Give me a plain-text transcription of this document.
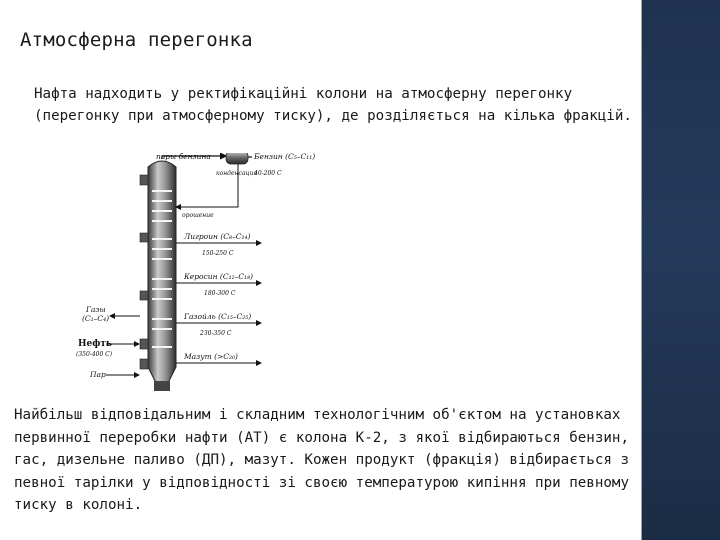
Атмосферна перегонка

Нафта надходить у ректифікаційні колони на атмосферну перегонку (перегонку при атмосферному тиску), де розділяється на кілька фракцій.

пары бензина
конденсация
орошение
Бензин (C₅–C₁₁)
40-200 С
Лигроин (C₈–C₁₄)
150-250 С
Керосин (C₁₂–C₁₈)
180-300 С
Газойль (C₁₅–C₂₅)
230-350 С
Мазут (>C₂₀)
Газы
(C₁–C₄)
Нефть
(350-400 C)
Пар

Найбільш відповідальним і складним технологічним об'єктом на установках первинної переробки нафти (АТ) є колона К-2, з якої відбираються бензин, гас, дизельне паливо (ДП), мазут. Кожен продукт (фракція) відбирається з певної тарілки у відповідності зі своєю температурою кипіння при певному тиску в колоні.
